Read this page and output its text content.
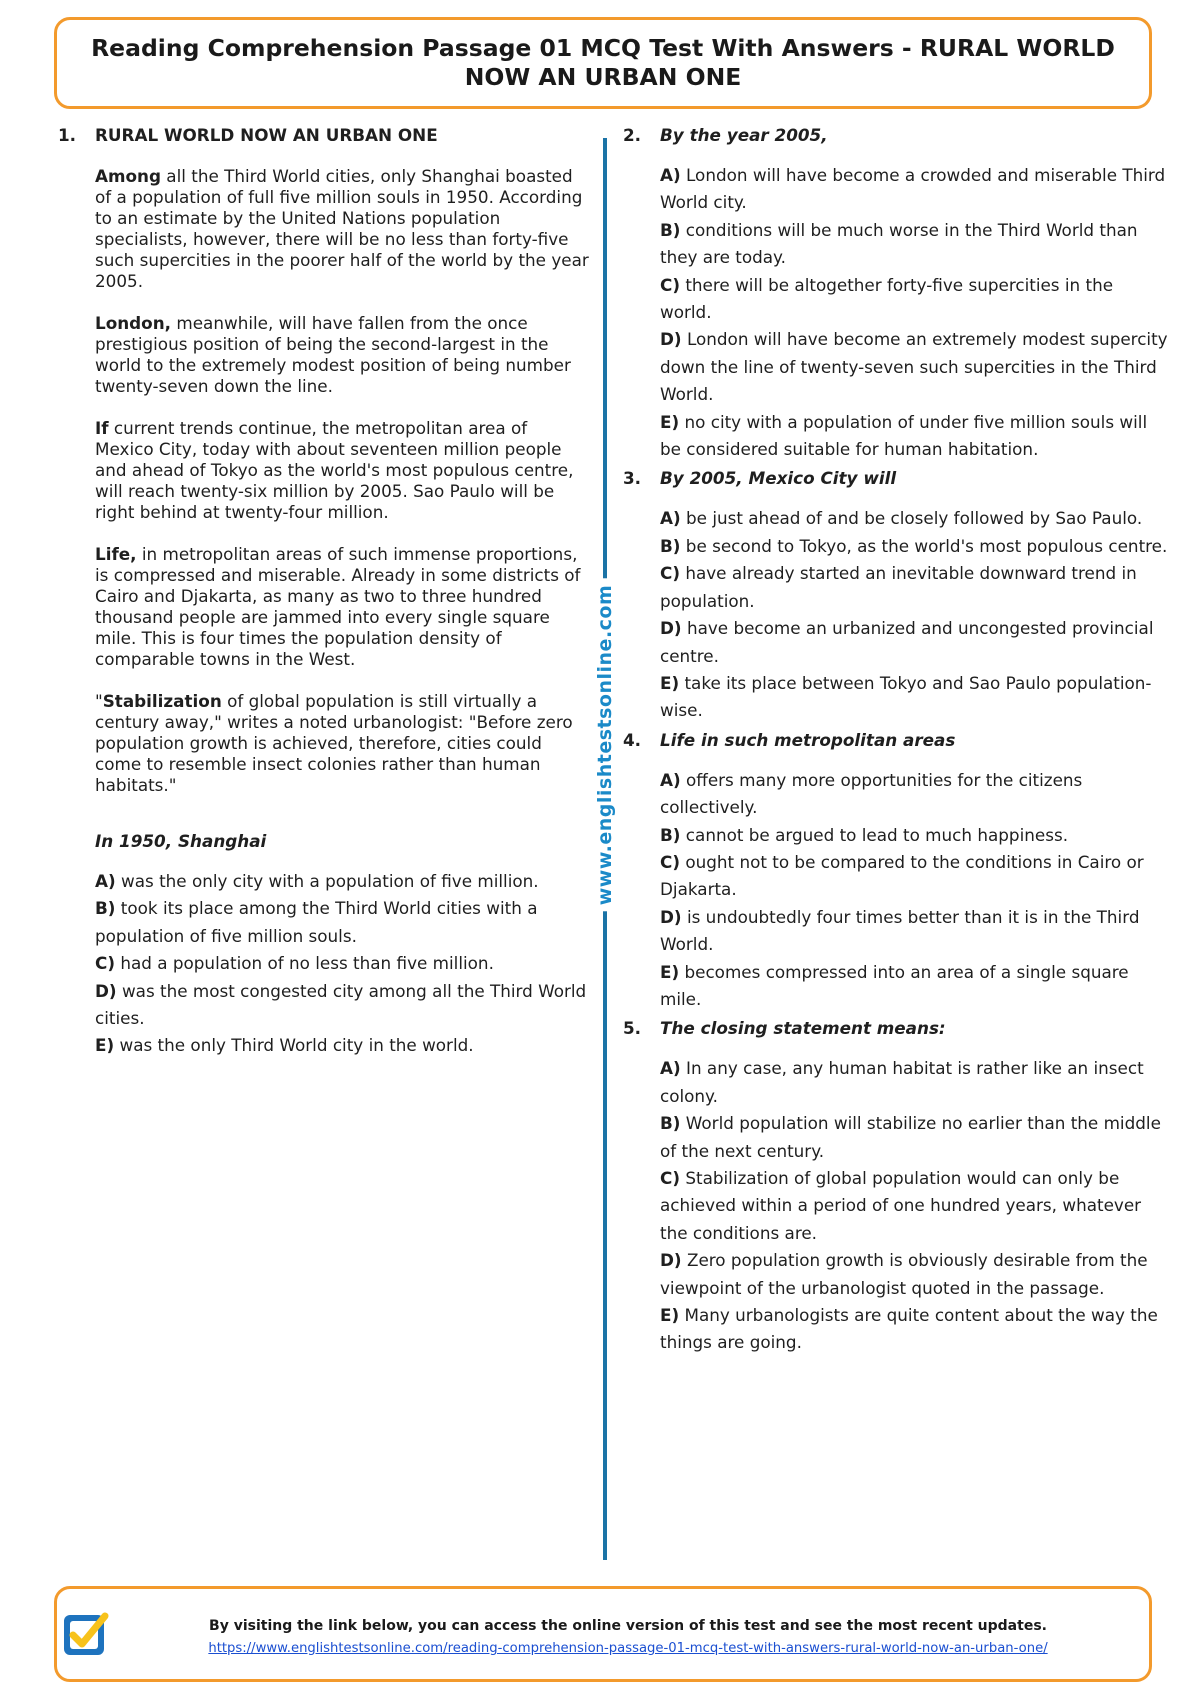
Reading Comprehension Passage 01 MCQ Test With Answers - RURAL WORLD
NOW AN URBAN ONE
1.	RURAL WORLD NOW AN URBAN ONE

Among all the Third World cities, only Shanghai boasted of a population of full five million souls in 1950. According to an estimate by the United Nations population specialists, however, there will be no less than forty-five such supercities in the poorer half of the world by the year 2005.

London, meanwhile, will have fallen from the once prestigious position of being the second-largest in the world to the extremely modest position of being number twenty-seven down the line.

If current trends continue, the metropolitan area of Mexico City, today with about seventeen million people and ahead of Tokyo as the world's most populous centre, will reach twenty-six million by 2005. Sao Paulo will be right behind at twenty-four million.

Life, in metropolitan areas of such immense proportions, is compressed and miserable. Already in some districts of Cairo and Djakarta, as many as two to three hundred thousand people are jammed into every single square mile. This is four times the population density of comparable towns in the West.

"Stabilization of global population is still virtually a century away," writes a noted urbanologist: "Before zero population growth is achieved, therefore, cities could come to resemble insect colonies rather than human habitats."

In 1950, Shanghai
A) was the only city with a population of five million.
B) took its place among the Third World cities with a population of five million souls.
C) had a population of no less than five million.
D) was the most congested city among all the Third World cities.
E) was the only Third World city in the world.
www.englishtestsonline.com
2.	By the year 2005,
A) London will have become a crowded and miserable Third World city.
B) conditions will be much worse in the Third World than they are today.
C) there will be altogether forty-five supercities in the world.
D) London will have become an extremely modest supercity down the line of twenty-seven such supercities in the Third World.
E) no city with a population of under five million souls will be considered suitable for human habitation.
3.	By 2005, Mexico City will
A) be just ahead of and be closely followed by Sao Paulo.
B) be second to Tokyo, as the world's most populous centre.
C) have already started an inevitable downward trend in population.
D) have become an urbanized and uncongested provincial centre.
E) take its place between Tokyo and Sao Paulo population-wise.
4.	Life in such metropolitan areas
A) offers many more opportunities for the citizens collectively.
B) cannot be argued to lead to much happiness.
C) ought not to be compared to the conditions in Cairo or Djakarta.
D) is undoubtedly four times better than it is in the Third World.
E) becomes compressed into an area of a single square mile.
5.	The closing statement means:
A) In any case, any human habitat is rather like an insect colony.
B) World population will stabilize no earlier than the middle of the next century.
C) Stabilization of global population would can only be achieved within a period of one hundred years, whatever the conditions are.
D) Zero population growth is obviously desirable from the viewpoint of the urbanologist quoted in the passage.
E) Many urbanologists are quite content about the way the things are going.
By visiting the link below, you can access the online version of this test and see the most recent updates.
https://www.englishtestsonline.com/reading-comprehension-passage-01-mcq-test-with-answers-rural-world-now-an-urban-one/
